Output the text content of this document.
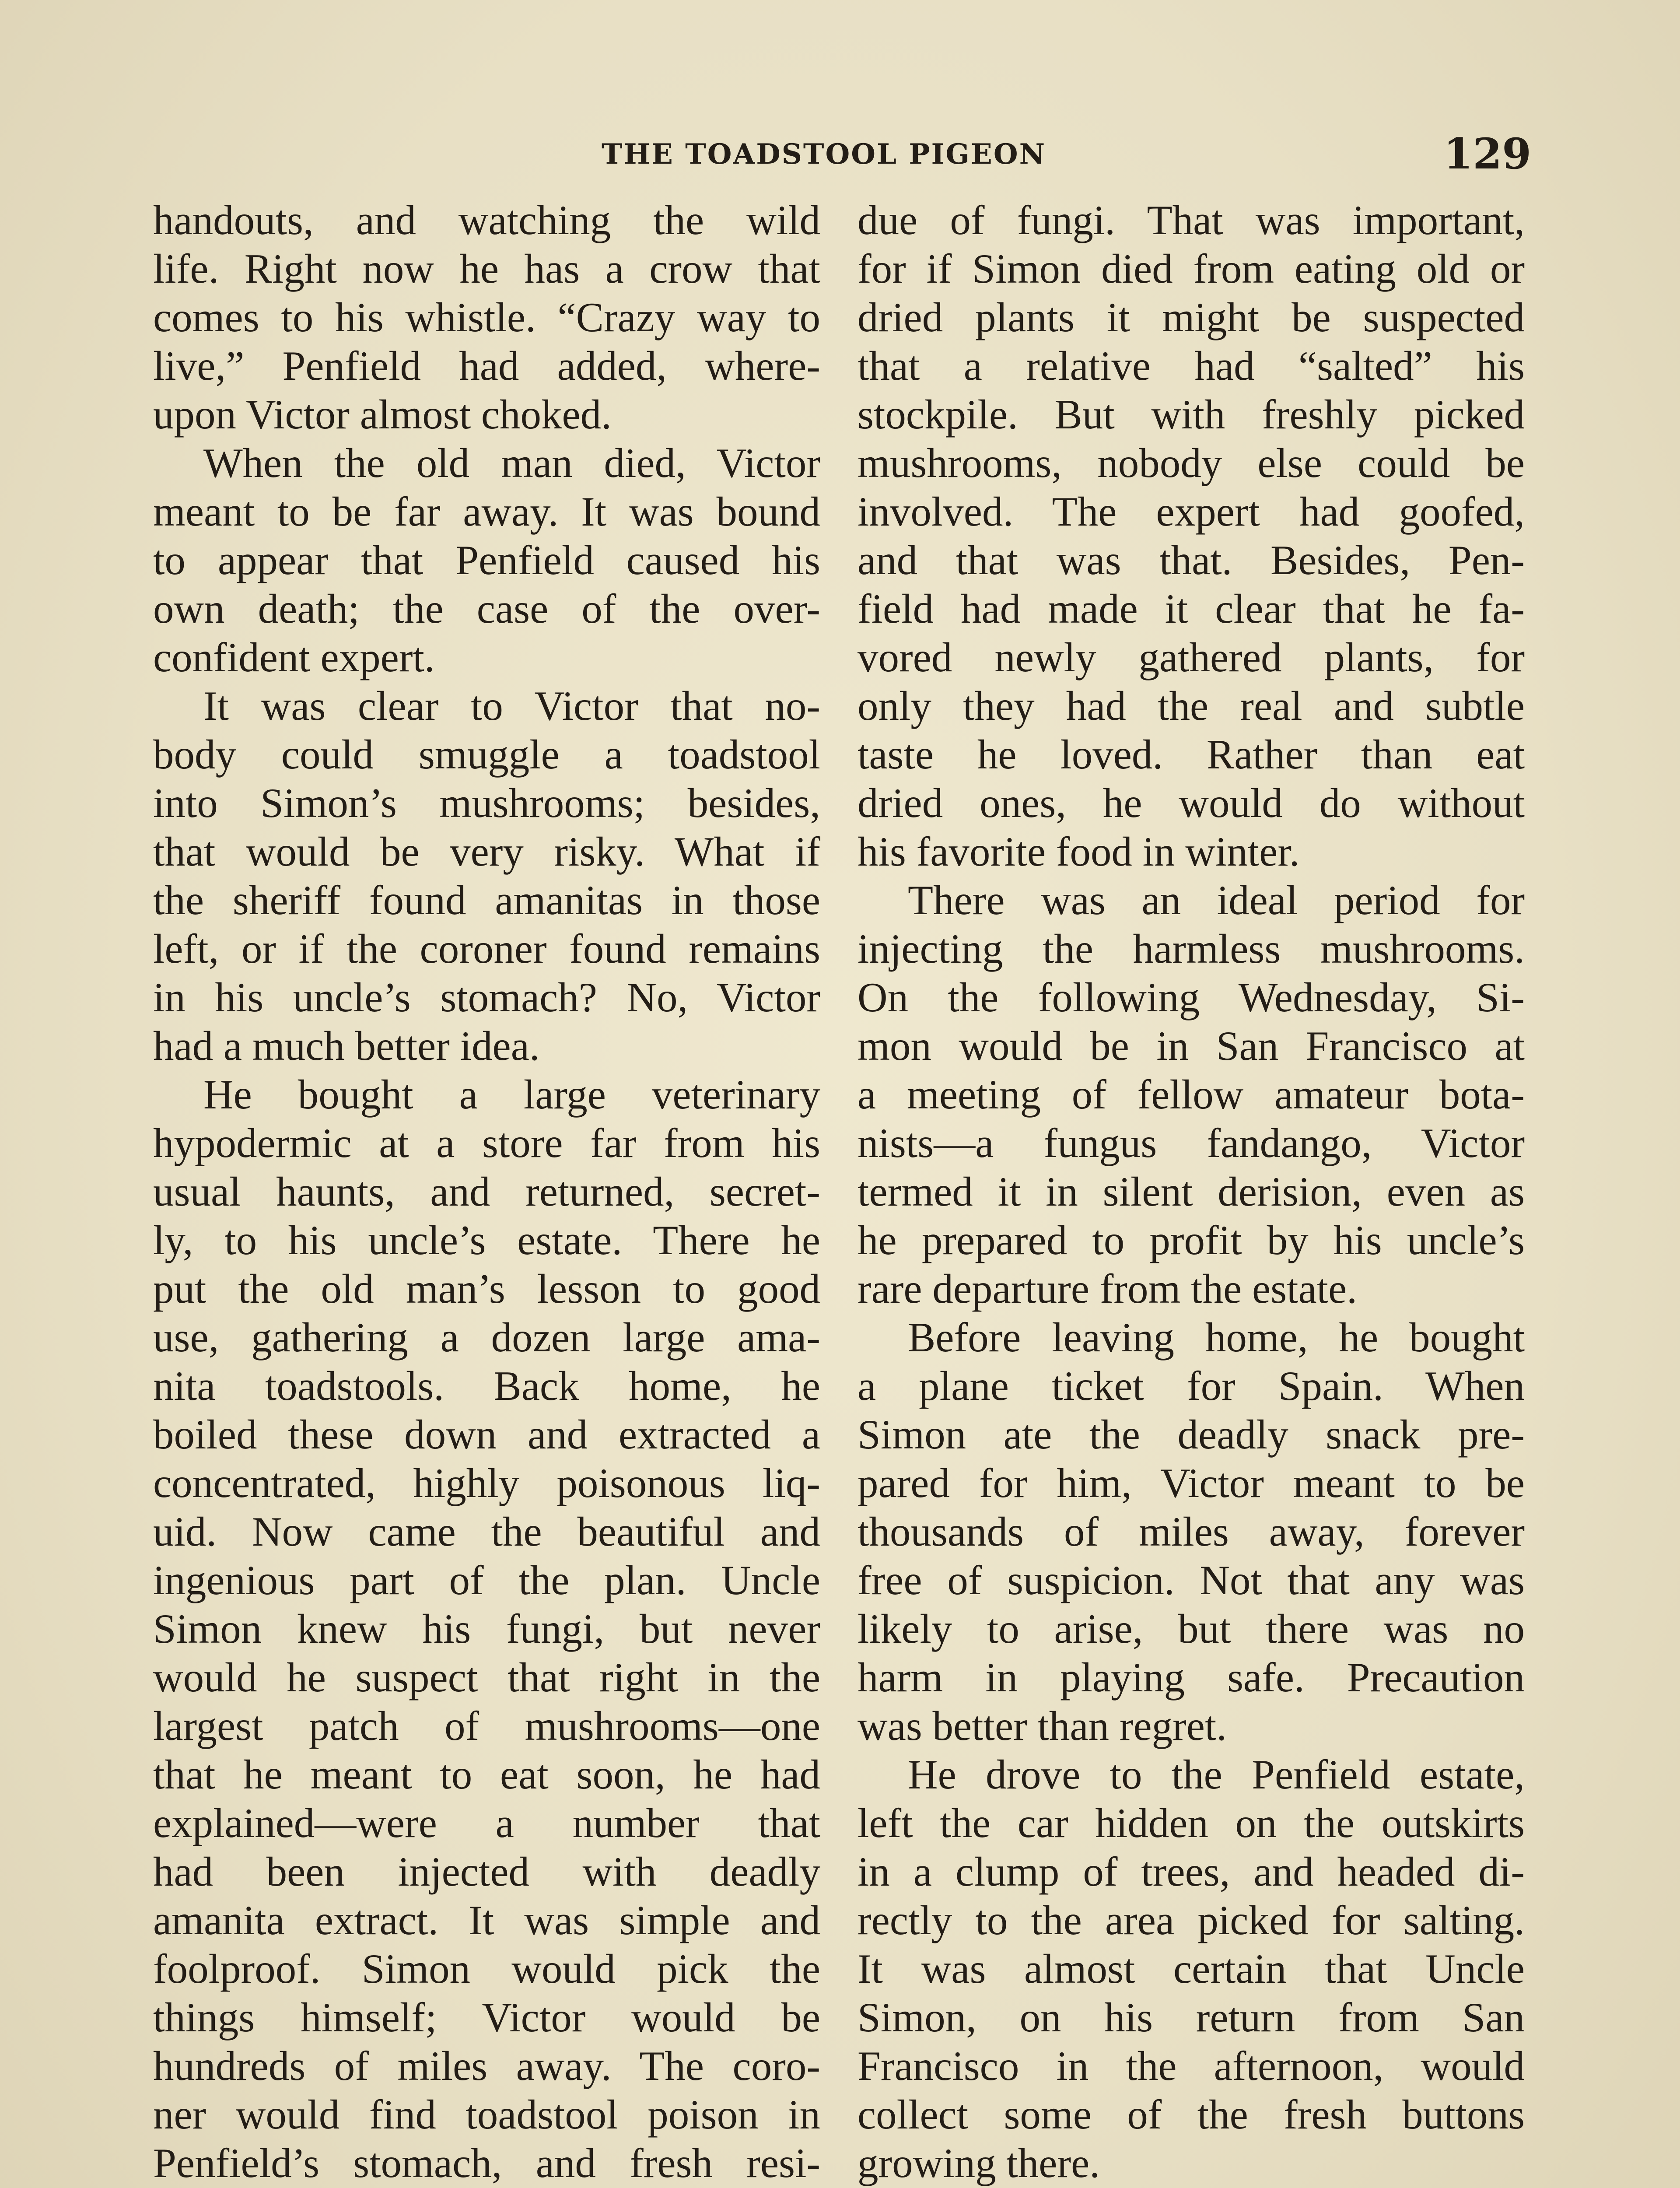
THE TOADSTOOL PIGEON	129
handouts, and watching the wild
life. Right now he has a crow that
comes to his whistle. “Crazy way to
live,” Penfield had added, where-
upon Victor almost choked.
When the old man died, Victor
meant to be far away. It was bound
to appear that Penfield caused his
own death; the case of the over-
confident expert.
It was clear to Victor that no-
body could smuggle a toadstool
into Simon’s mushrooms; besides,
that would be very risky. What if
the sheriff found amanitas in those
left, or if the coroner found remains
in his uncle’s stomach? No, Victor
had a much better idea.
He bought a large veterinary
hypodermic at a store far from his
usual haunts, and returned, secret-
ly, to his uncle’s estate. There he
put the old man’s lesson to good
use, gathering a dozen large ama-
nita toadstools. Back home, he
boiled these down and extracted a
concentrated, highly poisonous liq-
uid. Now came the beautiful and
ingenious part of the plan. Uncle
Simon knew his fungi, but never
would he suspect that right in the
largest patch of mushrooms—one
that he meant to eat soon, he had
explained—were a number that
had been injected with deadly
amanita extract. It was simple and
foolproof. Simon would pick the
things himself; Victor would be
hundreds of miles away. The coro-
ner would find toadstool poison in
Penfield’s stomach, and fresh resi-
due of fungi. That was important,
for if Simon died from eating old or
dried plants it might be suspected
that a relative had “salted” his
stockpile. But with freshly picked
mushrooms, nobody else could be
involved. The expert had goofed,
and that was that. Besides, Pen-
field had made it clear that he fa-
vored newly gathered plants, for
only they had the real and subtle
taste he loved. Rather than eat
dried ones, he would do without
his favorite food in winter.
There was an ideal period for
injecting the harmless mushrooms.
On the following Wednesday, Si-
mon would be in San Francisco at
a meeting of fellow amateur bota-
nists—a fungus fandango, Victor
termed it in silent derision, even as
he prepared to profit by his uncle’s
rare departure from the estate.
Before leaving home, he bought
a plane ticket for Spain. When
Simon ate the deadly snack pre-
pared for him, Victor meant to be
thousands of miles away, forever
free of suspicion. Not that any was
likely to arise, but there was no
harm in playing safe. Precaution
was better than regret.
He drove to the Penfield estate,
left the car hidden on the outskirts
in a clump of trees, and headed di-
rectly to the area picked for salting.
It was almost certain that Uncle
Simon, on his return from San
Francisco in the afternoon, would
collect some of the fresh buttons
growing there.
